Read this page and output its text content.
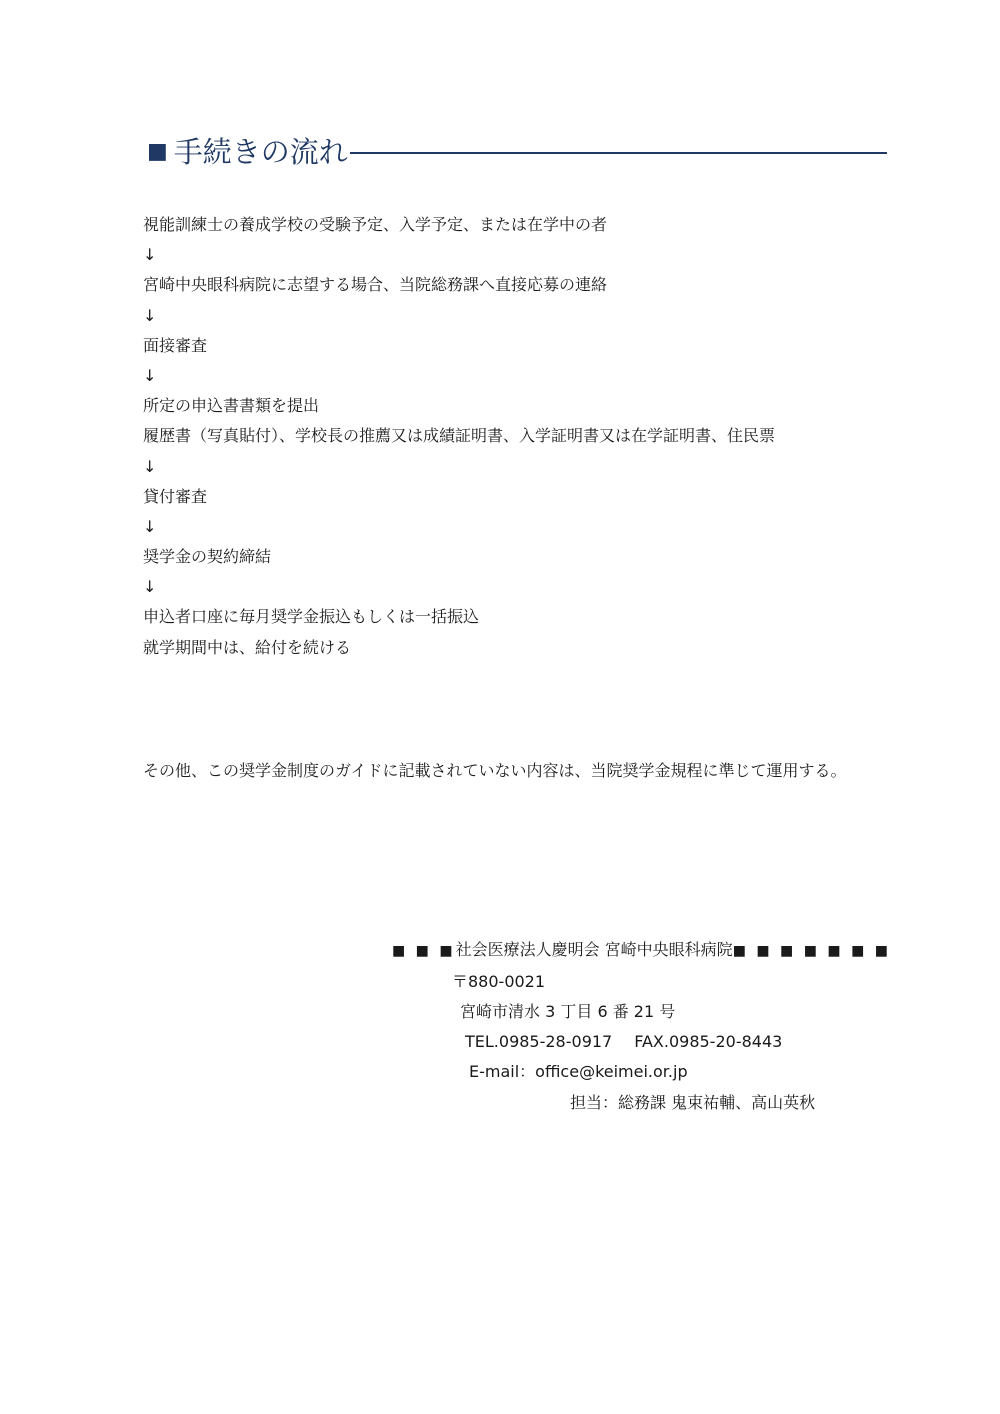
■ 手続きの流れ
視能訓練士の養成学校の受験予定、入学予定、または在学中の者
↓
宮崎中央眼科病院に志望する場合、当院総務課へ直接応募の連絡
↓
面接審査
↓
所定の申込書書類を提出
履歴書（写真貼付）、学校長の推薦又は成績証明書、入学証明書又は在学証明書、住民票
↓
貸付審査
↓
奨学金の契約締結
↓
申込者口座に毎月奨学金振込もしくは一括振込
就学期間中は、給付を続ける
その他、この奨学金制度のガイドに記載されていない内容は、当院奨学金規程に準じて運用する。
■ ■ ■社会医療法人慶明会 宮崎中央眼科病院■ ■ ■ ■ ■ ■ ■
〒880-0021
宮崎市清水 3 丁目 6 番 21 号
TEL.0985-28-0917 FAX.0985-20-8443
E-mail：office@keimei.or.jp
担当：総務課 鬼束祐輔、高山英秋
